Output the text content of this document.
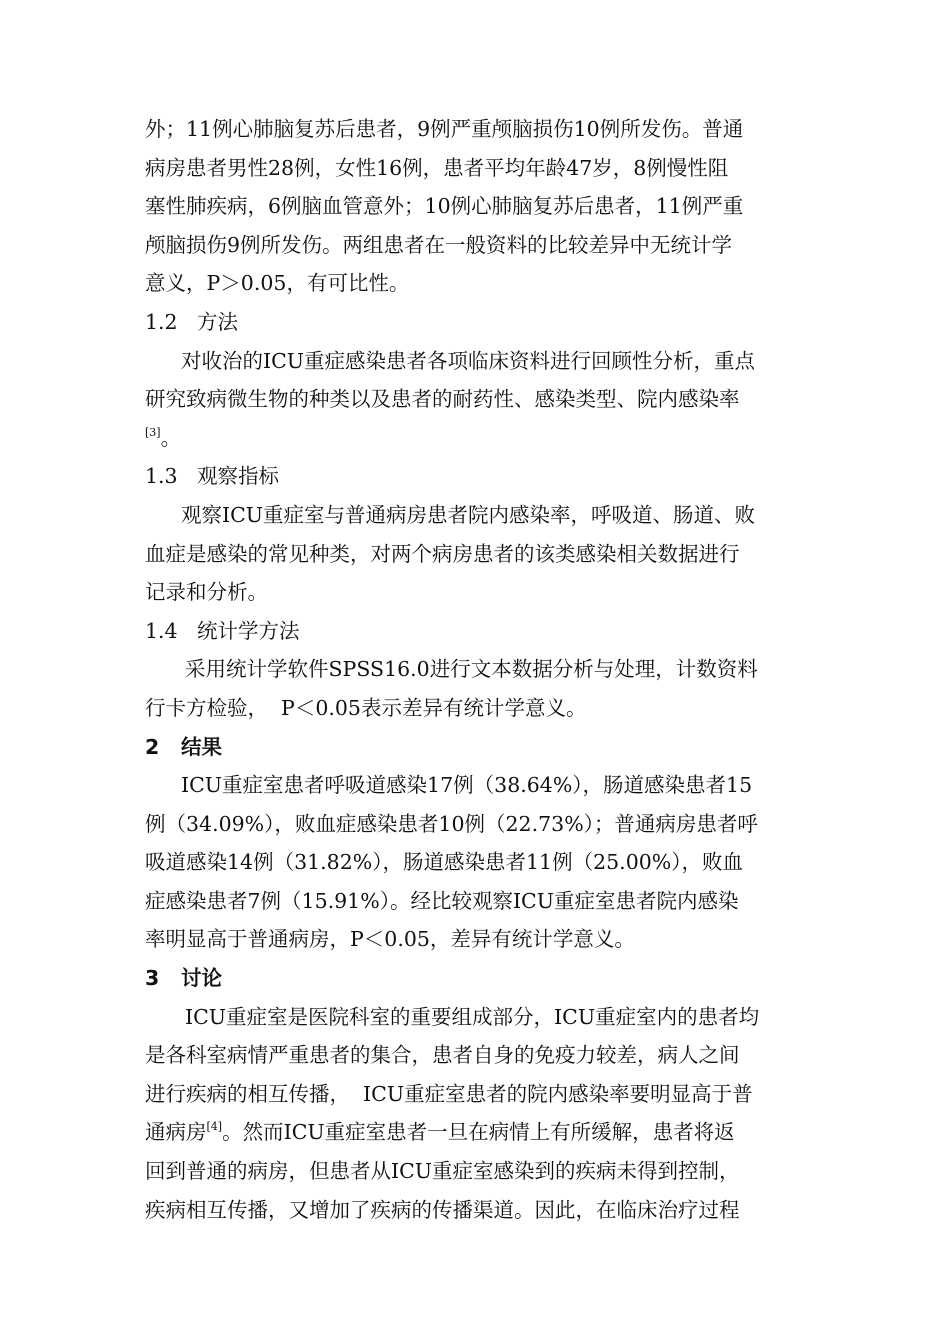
外；11例心肺脑复苏后患者，9例严重颅脑损伤10例所发伤。普通
病房患者男性28例，女性16例，患者平均年龄47岁，8例慢性阻
塞性肺疾病，6例脑血管意外；10例心肺脑复苏后患者，11例严重
颅脑损伤9例所发伤。两组患者在一般资料的比较差异中无统计学
意义，P＞0.05，有可比性。
1.2 方法
对收治的ICU重症感染患者各项临床资料进行回顾性分析，重点
研究致病微生物的种类以及患者的耐药性、感染类型、院内感染率
[3]。
1.3 观察指标
观察ICU重症室与普通病房患者院内感染率，呼吸道、肠道、败
血症是感染的常见种类，对两个病房患者的该类感染相关数据进行
记录和分析。
1.4 统计学方法
采用统计学软件SPSS16.0进行文本数据分析与处理，计数资料
行卡方检验，  P＜0.05表示差异有统计学意义。
2 结果
ICU重症室患者呼吸道感染17例（38.64%），肠道感染患者15
例（34.09%），败血症感染患者10例（22.73%）；普通病房患者呼
吸道感染14例（31.82%），肠道感染患者11例（25.00%），败血
症感染患者7例（15.91%）。经比较观察ICU重症室患者院内感染
率明显高于普通病房，P＜0.05，差异有统计学意义。
3 讨论
ICU重症室是医院科室的重要组成部分，ICU重症室内的患者均
是各科室病情严重患者的集合，患者自身的免疫力较差，病人之间
进行疾病的相互传播，  ICU重症室患者的院内感染率要明显高于普
通病房[4]。然而ICU重症室患者一旦在病情上有所缓解，患者将返
回到普通的病房，但患者从ICU重症室感染到的疾病未得到控制，
疾病相互传播，又增加了疾病的传播渠道。因此，在临床治疗过程
